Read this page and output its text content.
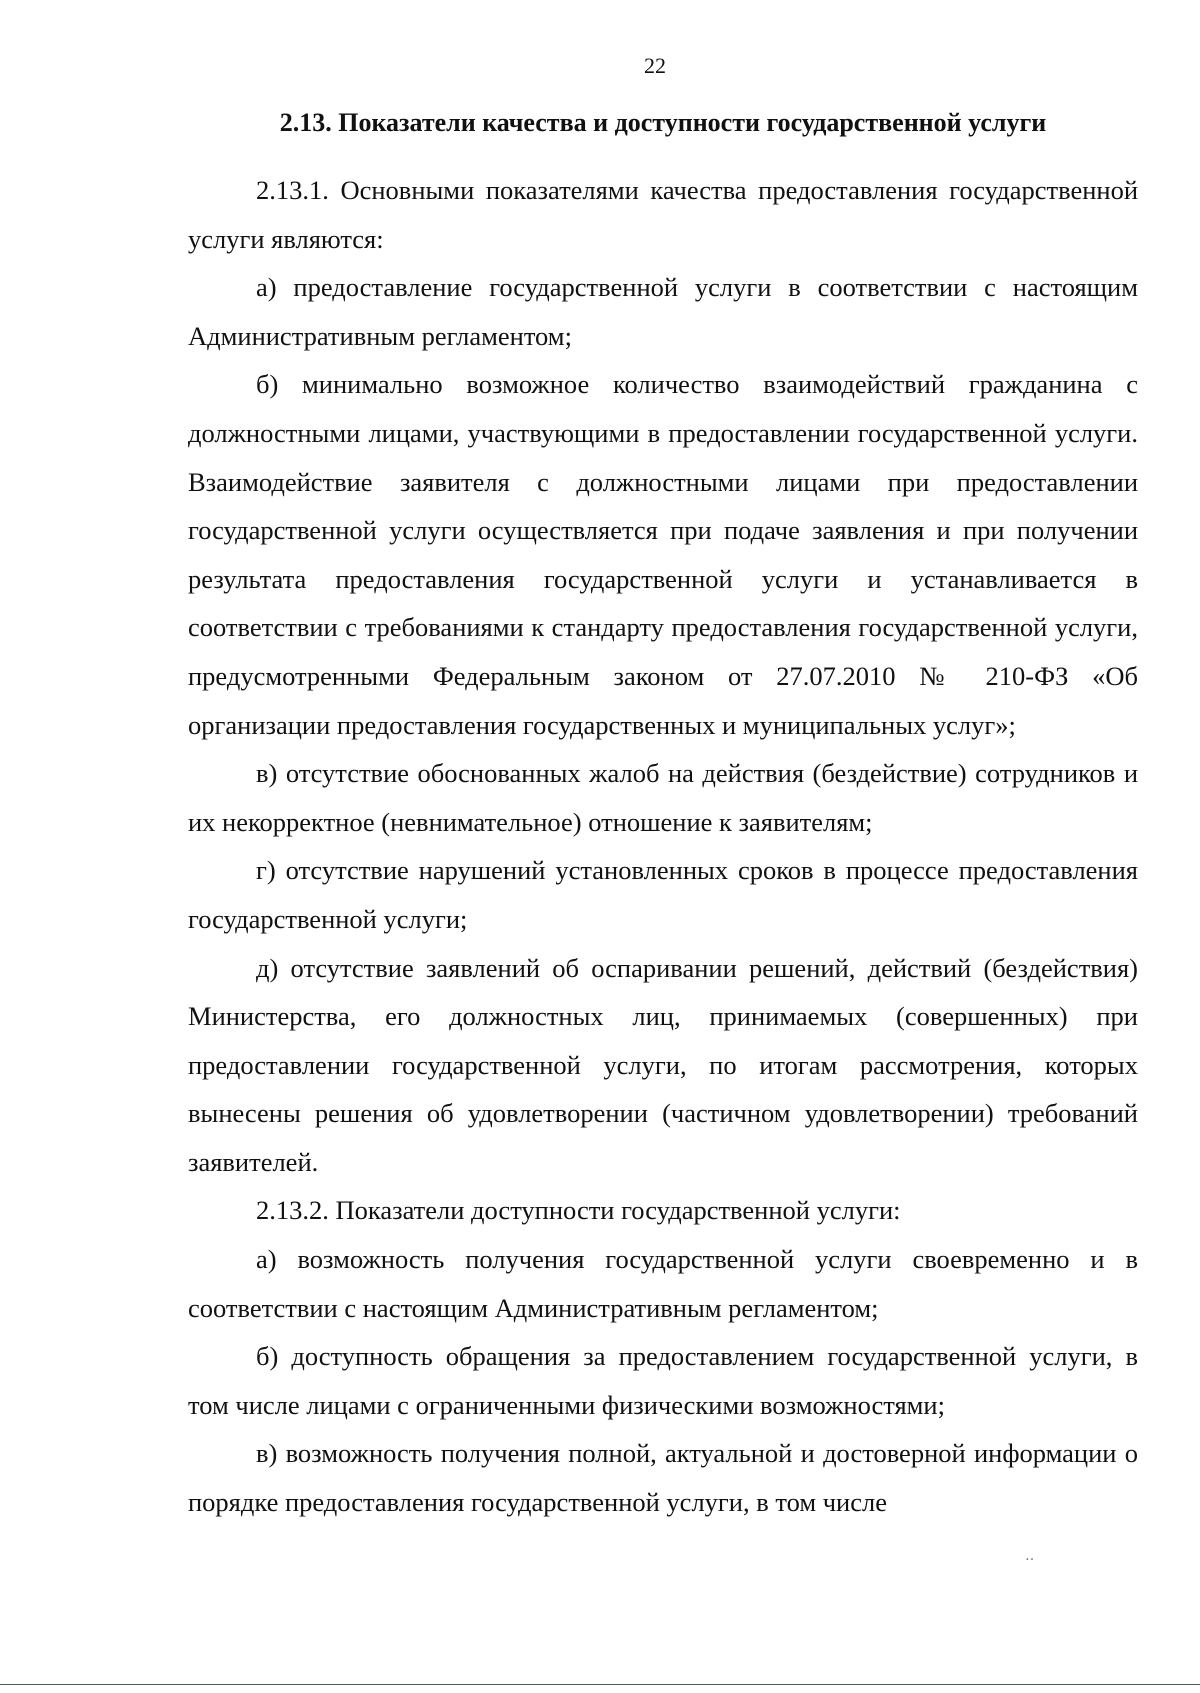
22
2.13. Показатели качества и доступности государственной услуги

2.13.1. Основными показателями качества предоставления государственной услуги являются:

а) предоставление государственной услуги в соответствии с настоящим Административным регламентом;

б) минимально возможное количество взаимодействий гражданина с должностными лицами, участвующими в предоставлении государственной услуги. Взаимодействие заявителя с должностными лицами при предоставлении государственной услуги осуществляется при подаче заявления и при получении результата предоставления государственной услуги и устанавливается в соответствии с требованиями к стандарту предоставления государственной услуги, предусмотренными Федеральным законом от 27.07.2010 № 210-ФЗ «Об организации предоставления государственных и муниципальных услуг»;

в) отсутствие обоснованных жалоб на действия (бездействие) сотрудников и их некорректное (невнимательное) отношение к заявителям;

г) отсутствие нарушений установленных сроков в процессе предоставления государственной услуги;

д) отсутствие заявлений об оспаривании решений, действий (бездействия) Министерства, его должностных лиц, принимаемых (совершенных) при предоставлении государственной услуги, по итогам рассмотрения, которых вынесены решения об удовлетворении (частичном удовлетворении) требований заявителей.

2.13.2. Показатели доступности государственной услуги:

а) возможность получения государственной услуги своевременно и в соответствии с настоящим Административным регламентом;

б) доступность обращения за предоставлением государственной услуги, в том числе лицами с ограниченными физическими возможностями;

в) возможность получения полной, актуальной и достоверной информации о порядке предоставления государственной услуги, в том числе

‥
